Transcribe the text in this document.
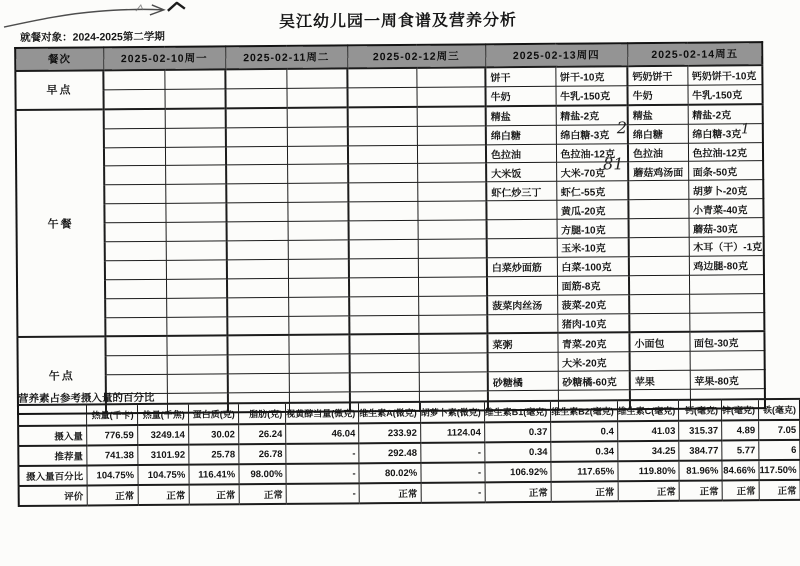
吴江幼儿园一周食谱及营养分析
就餐对象：2024-2025第二学期
餐次	2025-02-10周一		2025-02-11周二		2025-02-12周三		2025-02-13周四		2025-02-14周五	
早点							饼干	饼干-10克	钙奶饼干	钙奶饼干-10克
							牛奶	牛乳-150克	牛奶	牛乳-150克
午餐							精盐	精盐-2克	精盐	精盐-2克
							绵白糖	绵白糖-3克	绵白糖	绵白糖-3克
							色拉油	色拉油-12克	色拉油	色拉油-12克
							大米饭	大米-70克	蘑菇鸡汤面	面条-50克
							虾仁炒三丁	虾仁-55克		胡萝卜-20克
								黄瓜-20克		小青菜-40克
								方腿-10克		蘑菇-30克
								玉米-10克		木耳（干）-1克
							白菜炒面筋	白菜-100克		鸡边腿-80克
								面筋-8克		
							菠菜肉丝汤	菠菜-20克		
								猪肉-10克		
午点							菜粥	青菜-20克	小面包	面包-30克
								大米-20克		
							砂糖橘	砂糖橘-60克	苹果	苹果-80克

营养素占参考摄入量的百分比

	热量(千卡)	热量(千焦)	蛋白质(克)	脂肪(克)	视黄醇当量(微克)	维生素A(微克)	胡萝卜素(微克)	维生素B1(毫克)	维生素B2(毫克)	维生素C(毫克)	钙(毫克)	锌(毫克)	铁(毫克)

摄入量	776.59	3249.14	30.02	26.24	46.04	233.92	1124.04	0.37	0.4	41.03	315.37	4.89	7.05

推荐量	741.38	3101.92	25.78	26.78	-	292.48	-	0.34	0.34	34.25	384.77	5.77	6

摄入量百分比	104.75%	104.75%	116.41%	98.00%	-	80.02%	-	106.92%	117.65%	119.80%	81.96%	84.66%	117.50%

评价	正常	正常	正常	正常	-	正常	-	正常	正常	正常	正常	正常	正常
2
81
1
